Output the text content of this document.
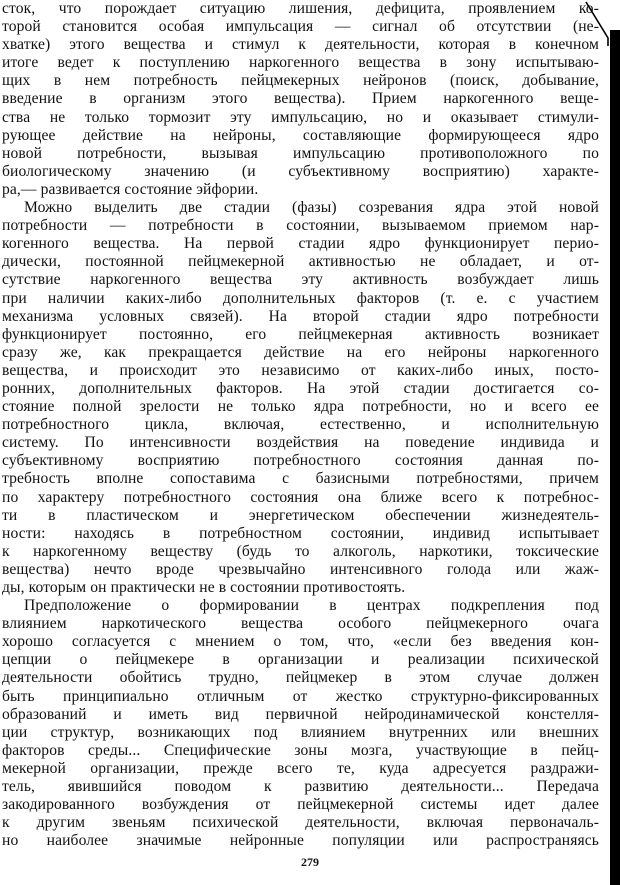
сток, что порождает ситуацию лишения, дефицита, проявлением ко-
торой становится особая импульсация — сигнал об отсутствии (не-
хватке) этого вещества и стимул к деятельности, которая в конечном
итоге ведет к поступлению наркогенного вещества в зону испытываю-
щих в нем потребность пейцмекерных нейронов (поиск, добывание,
введение в организм этого вещества). Прием наркогенного веще-
ства не только тормозит эту импульсацию, но и оказывает стимули-
рующее действие на нейроны, составляющие формирующееся ядро
новой потребности, вызывая импульсацию противоположного по
биологическому значению (и субъективному восприятию) характе-
ра,— развивается состояние эйфории.
Можно выделить две стадии (фазы) созревания ядра этой новой
потребности — потребности в состоянии, вызываемом приемом нар-
когенного вещества. На первой стадии ядро функционирует перио-
дически, постоянной пейцмекерной активностью не обладает, и от-
сутствие наркогенного вещества эту активность возбуждает лишь
при наличии каких-либо дополнительных факторов (т. е. с участием
механизма условных связей). На второй стадии ядро потребности
функционирует постоянно, его пейцмекерная активность возникает
сразу же, как прекращается действие на его нейроны наркогенного
вещества, и происходит это независимо от каких-либо иных, посто-
ронних, дополнительных факторов. На этой стадии достигается со-
стояние полной зрелости не только ядра потребности, но и всего ее
потребностного цикла, включая, естественно, и исполнительную
систему. По интенсивности воздействия на поведение индивида и
субъективному восприятию потребностного состояния данная по-
требность вполне сопоставима с базисными потребностями, причем
по характеру потребностного состояния она ближе всего к потребнос-
ти в пластическом и энергетическом обеспечении жизнедеятель-
ности: находясь в потребностном состоянии, индивид испытывает
к наркогенному веществу (будь то алкоголь, наркотики, токсические
вещества) нечто вроде чрезвычайно интенсивного голода или жаж-
ды, которым он практически не в состоянии противостоять.
Предположение о формировании в центрах подкрепления под
влиянием наркотического вещества особого пейцмекерного очага
хорошо согласуется с мнением о том, что, «если без введения кон-
цепции о пейцмекере в организации и реализации психической
деятельности обойтись трудно, пейцмекер в этом случае должен
быть принципиально отличным от жестко структурно-фиксированных
образований и иметь вид первичной нейродинамической констелля-
ции структур, возникающих под влиянием внутренних или внешних
факторов среды... Специфические зоны мозга, участвующие в пейц-
мекерной организации, прежде всего те, куда адресуется раздражи-
тель, явившийся поводом к развитию деятельности... Передача
закодированного возбуждения от пейцмекерной системы идет далее
к другим звеньям психической деятельности, включая первоначаль-
но наиболее значимые нейронные популяции или распространяясь
279
